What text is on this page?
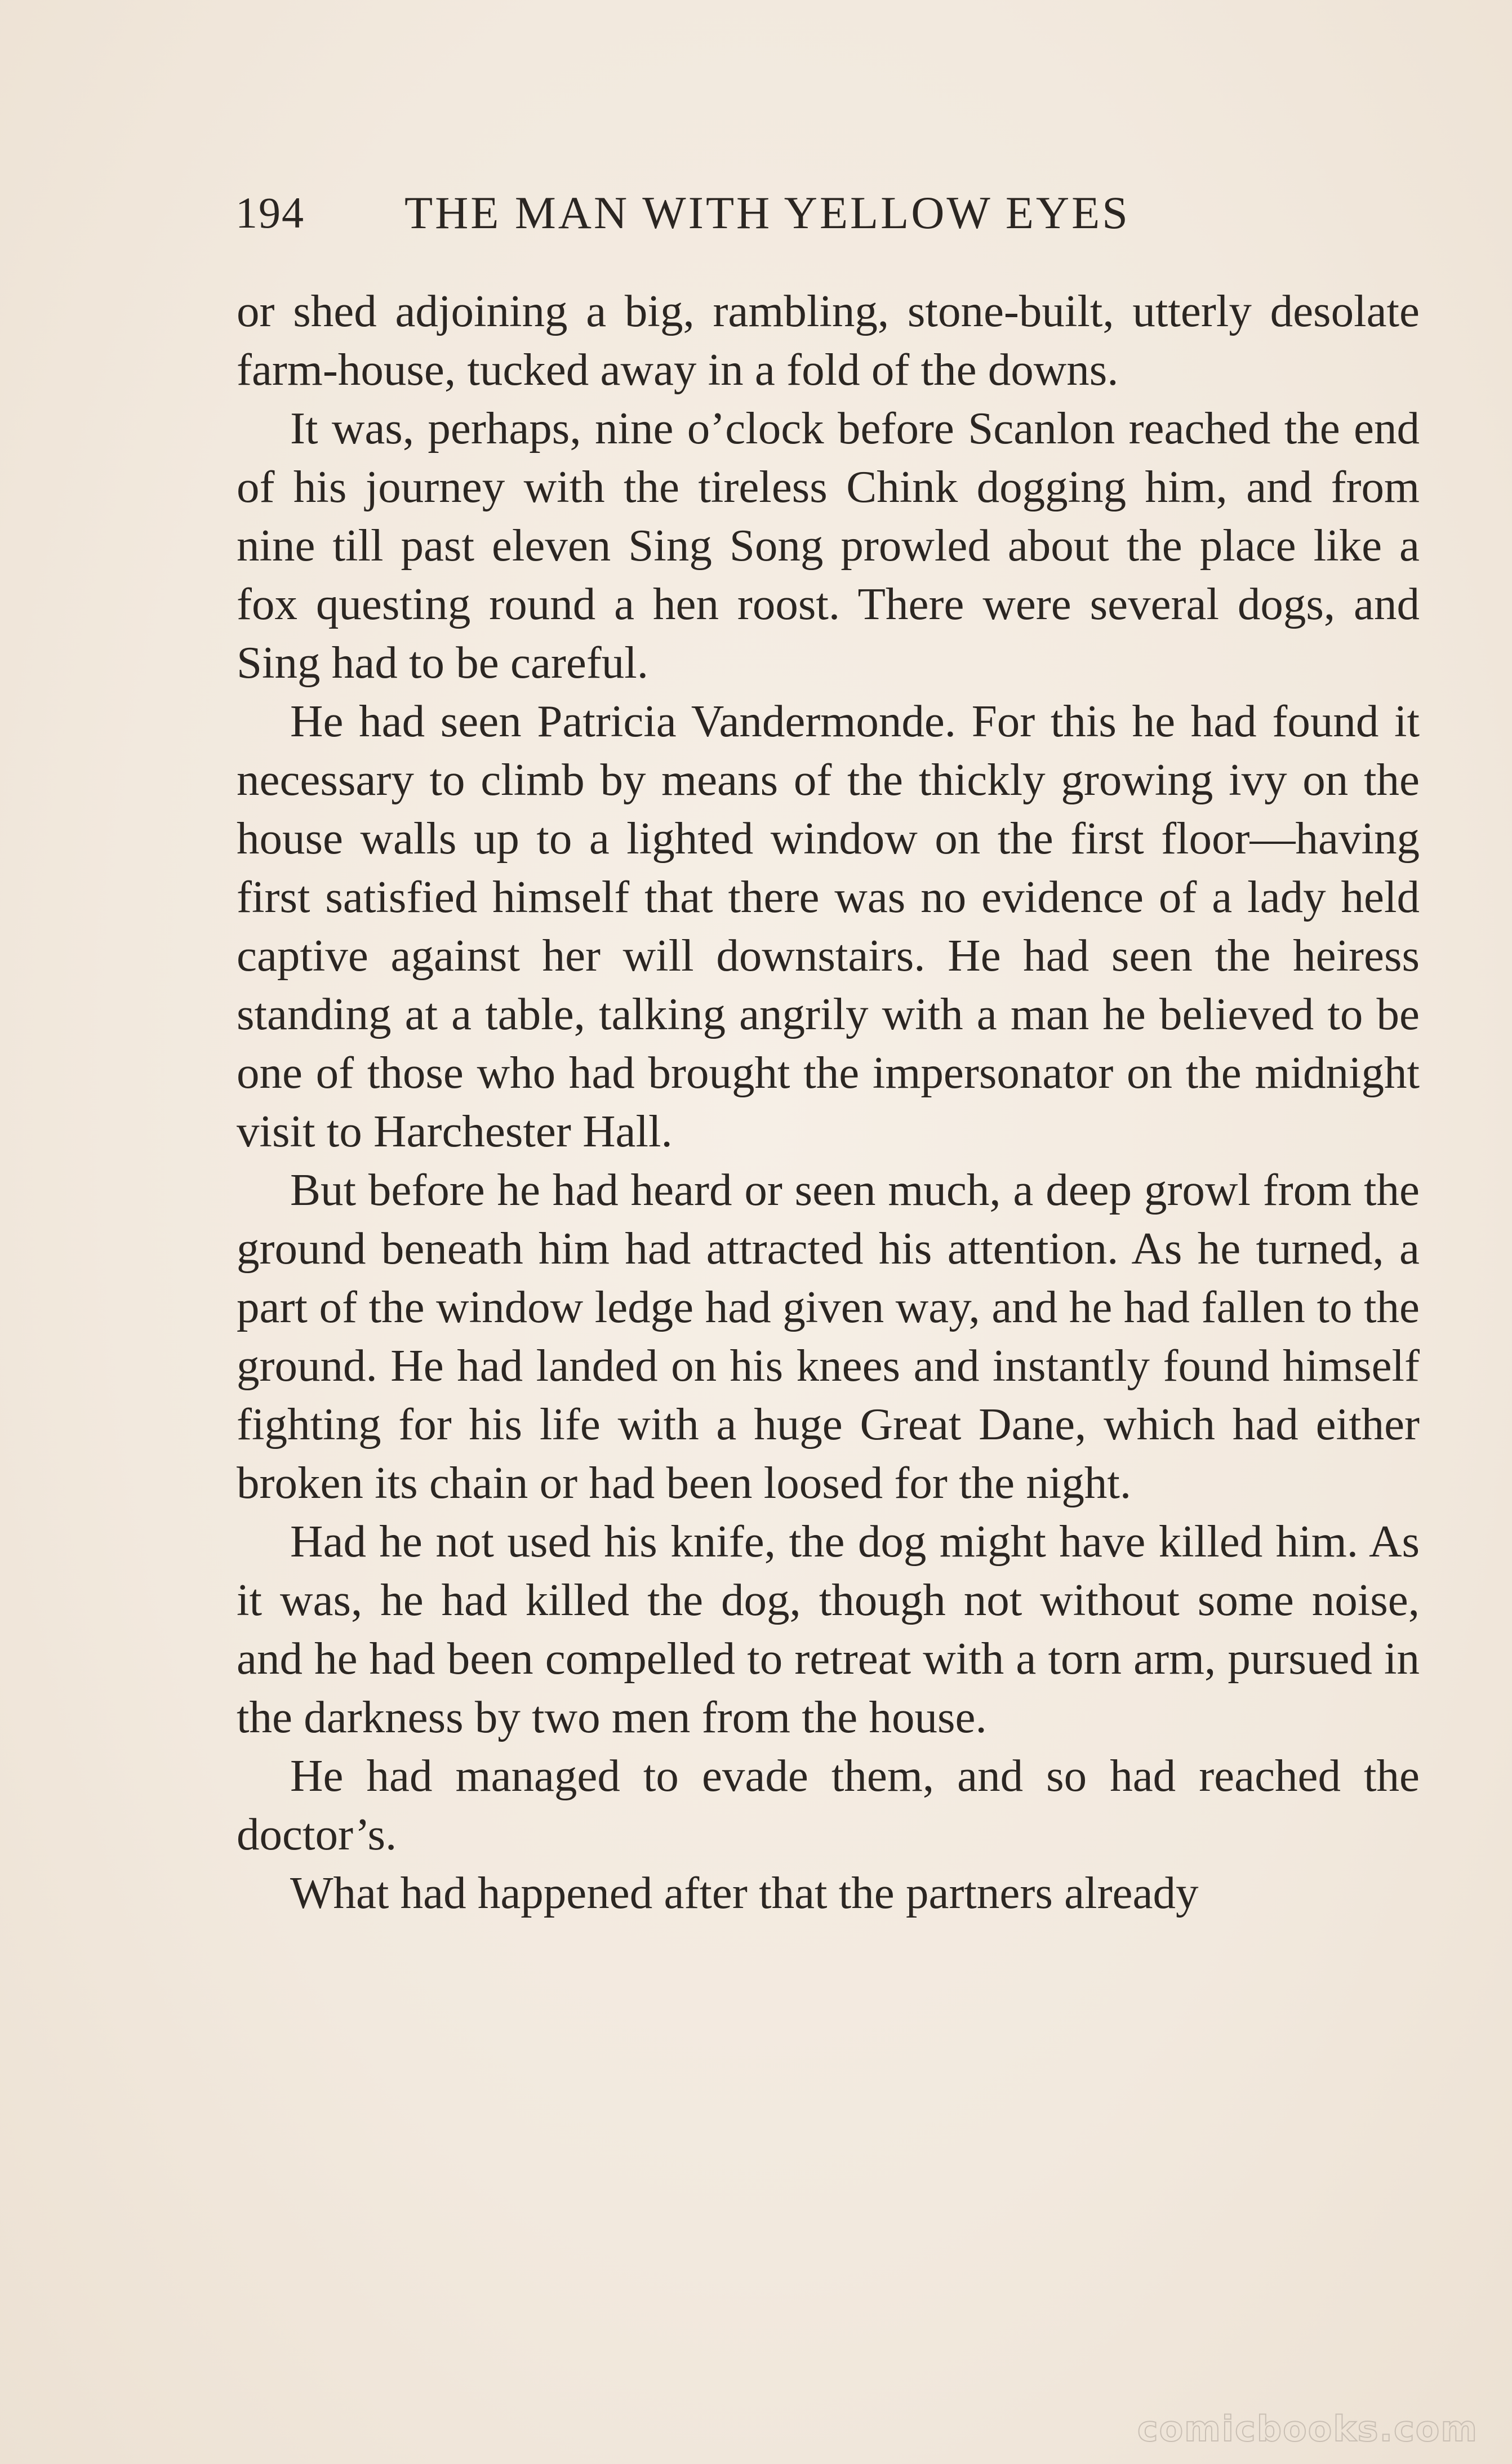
194 THE MAN WITH YELLOW EYES

or shed adjoining a big, rambling, stone-built, utterly desolate farm-house, tucked away in a fold of the downs.

It was, perhaps, nine o’clock before Scanlon reached the end of his journey with the tireless Chink dogging him, and from nine till past eleven Sing Song prowled about the place like a fox questing round a hen roost. There were several dogs, and Sing had to be careful.

He had seen Patricia Vandermonde. For this he had found it necessary to climb by means of the thickly growing ivy on the house walls up to a lighted window on the first floor—having first satisfied himself that there was no evidence of a lady held captive against her will downstairs. He had seen the heiress standing at a table, talking angrily with a man he believed to be one of those who had brought the impersonator on the midnight visit to Harchester Hall.

But before he had heard or seen much, a deep growl from the ground beneath him had attracted his attention. As he turned, a part of the window ledge had given way, and he had fallen to the ground. He had landed on his knees and instantly found himself fighting for his life with a huge Great Dane, which had either broken its chain or had been loosed for the night.

Had he not used his knife, the dog might have killed him. As it was, he had killed the dog, though not without some noise, and he had been compelled to retreat with a torn arm, pursued in the darkness by two men from the house.

He had managed to evade them, and so had reached the doctor’s.

What had happened after that the partners already

comicbooks.com
